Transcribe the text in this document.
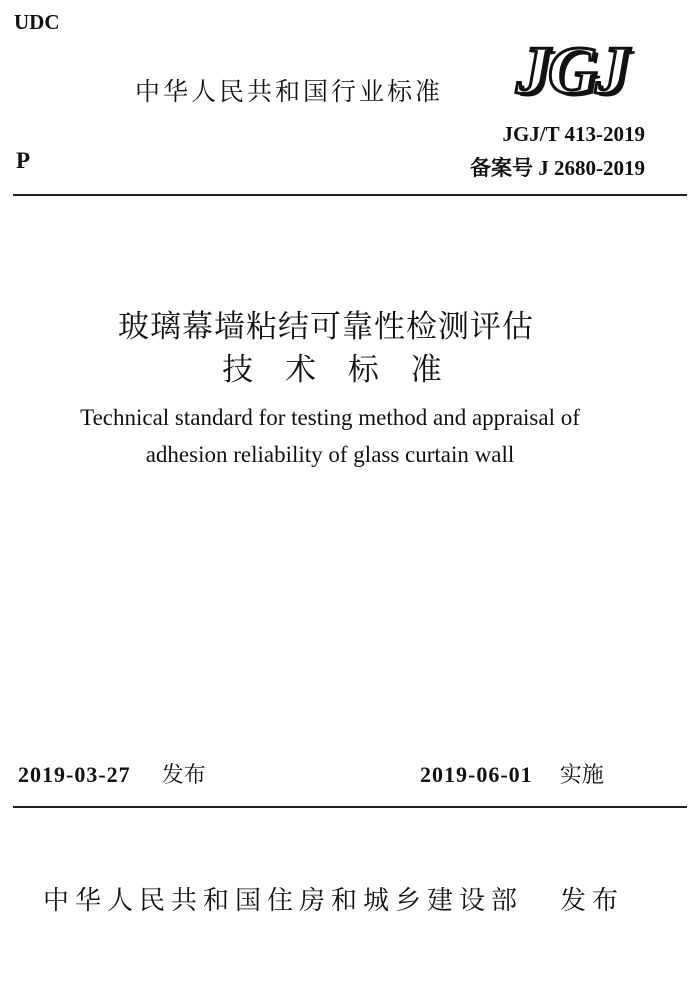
UDC
中华人民共和国行业标准 JGJ
P
JGJ/T 413-2019
备案号 J 2680-2019
玻璃幕墙粘结可靠性检测评估
技 术 标 准
Technical standard for testing method and appraisal of
adhesion reliability of glass curtain wall
2019-03-27 发布	2019-06-01 实施
中华人民共和国住房和城乡建设部 发布
